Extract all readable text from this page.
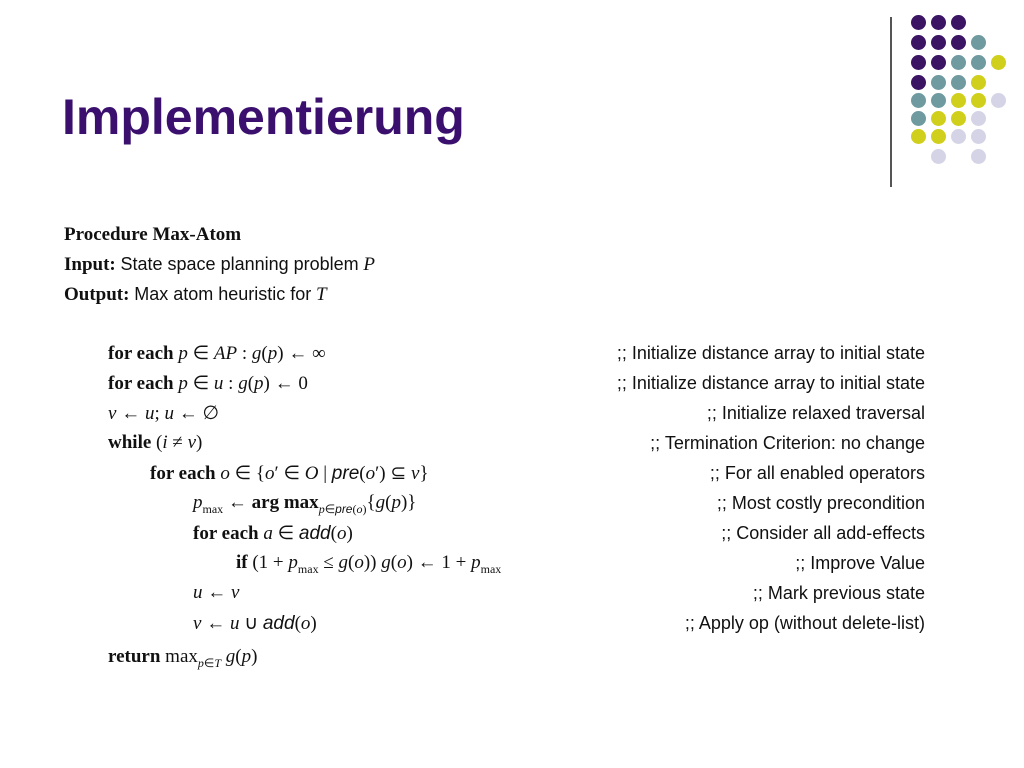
Implementierung
Procedure Max-Atom
Input: State space planning problem P
Output: Max atom heuristic for T
for each p ∈ AP : g(p) ← ∞	;; Initialize distance array to initial state
for each p ∈ u : g(p) ← 0	;; Initialize distance array to initial state
v ← u; u ← ∅	;; Initialize relaxed traversal
while (i ≠ v)	;; Termination Criterion: no change
for each o ∈ {o′ ∈ O | pre(o′) ⊆ v}	;; For all enabled operators
$p_{max}$ ← arg $\max_{p\in pre(o)}\{g(p)\}$	;; Most costly precondition
for each a ∈ add(o)	;; Consider all add-effects
if $(1 + p_{max} \le g(o))$ g(o) ← $1 + p_{max}$	;; Improve Value
u ← v	;; Mark previous state
v ← u ∪ add(o)	;; Apply op (without delete-list)
return $\max_{p\in T} g(p)$
